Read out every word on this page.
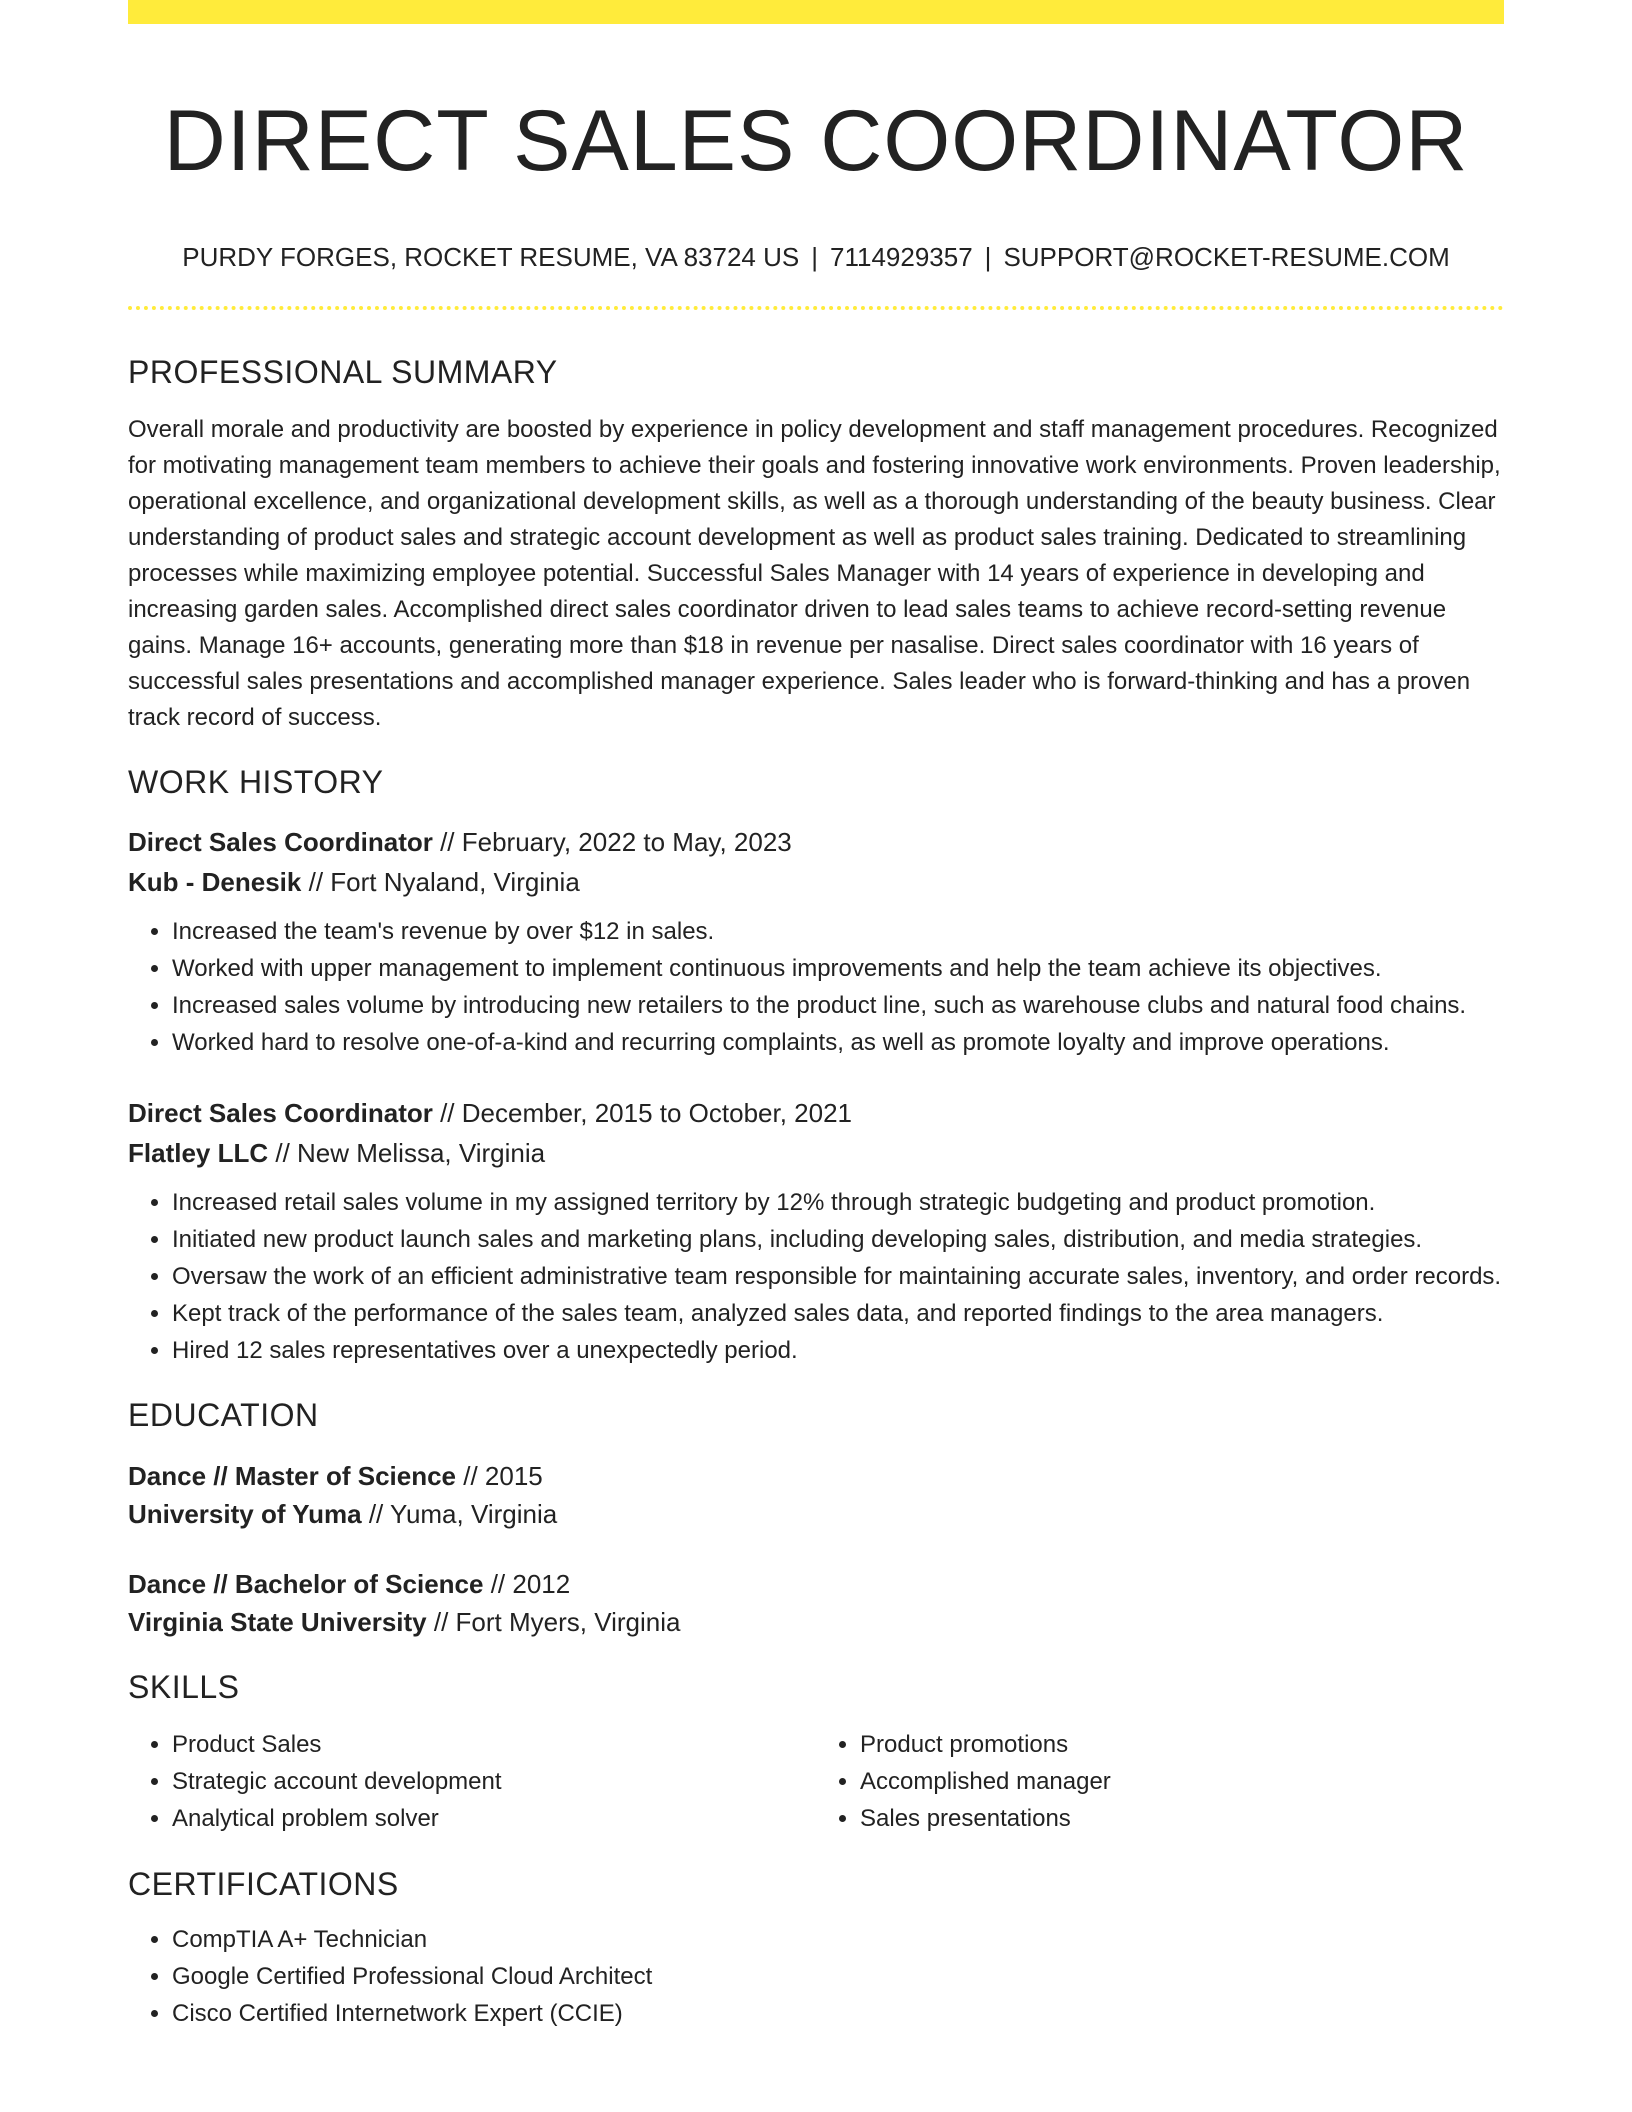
DIRECT SALES COORDINATOR
PURDY FORGES, ROCKET RESUME, VA 83724 US | 7114929357 | SUPPORT@ROCKET-RESUME.COM
PROFESSIONAL SUMMARY

Overall morale and productivity are boosted by experience in policy development and staff management procedures. Recognized for motivating management team members to achieve their goals and fostering innovative work environments. Proven leadership, operational excellence, and organizational development skills, as well as a thorough understanding of the beauty business. Clear understanding of product sales and strategic account development as well as product sales training. Dedicated to streamlining processes while maximizing employee potential. Successful Sales Manager with 14 years of experience in developing and increasing garden sales. Accomplished direct sales coordinator driven to lead sales teams to achieve record-setting revenue gains. Manage 16+ accounts, generating more than $18 in revenue per nasalise. Direct sales coordinator with 16 years of successful sales presentations and accomplished manager experience. Sales leader who is forward-thinking and has a proven track record of success.

WORK HISTORY
Direct Sales Coordinator // February, 2022 to May, 2023
Kub - Denesik // Fort Nyaland, Virginia
• Increased the team's revenue by over $12 in sales.
• Worked with upper management to implement continuous improvements and help the team achieve its objectives.
• Increased sales volume by introducing new retailers to the product line, such as warehouse clubs and natural food chains.
• Worked hard to resolve one-of-a-kind and recurring complaints, as well as promote loyalty and improve operations.
Direct Sales Coordinator // December, 2015 to October, 2021
Flatley LLC // New Melissa, Virginia
• Increased retail sales volume in my assigned territory by 12% through strategic budgeting and product promotion.
• Initiated new product launch sales and marketing plans, including developing sales, distribution, and media strategies.
• Oversaw the work of an efficient administrative team responsible for maintaining accurate sales, inventory, and order records.
• Kept track of the performance of the sales team, analyzed sales data, and reported findings to the area managers.
• Hired 12 sales representatives over a unexpectedly period.
EDUCATION
Dance // Master of Science // 2015
University of Yuma // Yuma, Virginia
Dance // Bachelor of Science // 2012
Virginia State University // Fort Myers, Virginia
SKILLS
• Product Sales
• Strategic account development
• Analytical problem solver
• Product promotions
• Accomplished manager
• Sales presentations
CERTIFICATIONS
• CompTIA A+ Technician
• Google Certified Professional Cloud Architect
• Cisco Certified Internetwork Expert (CCIE)
